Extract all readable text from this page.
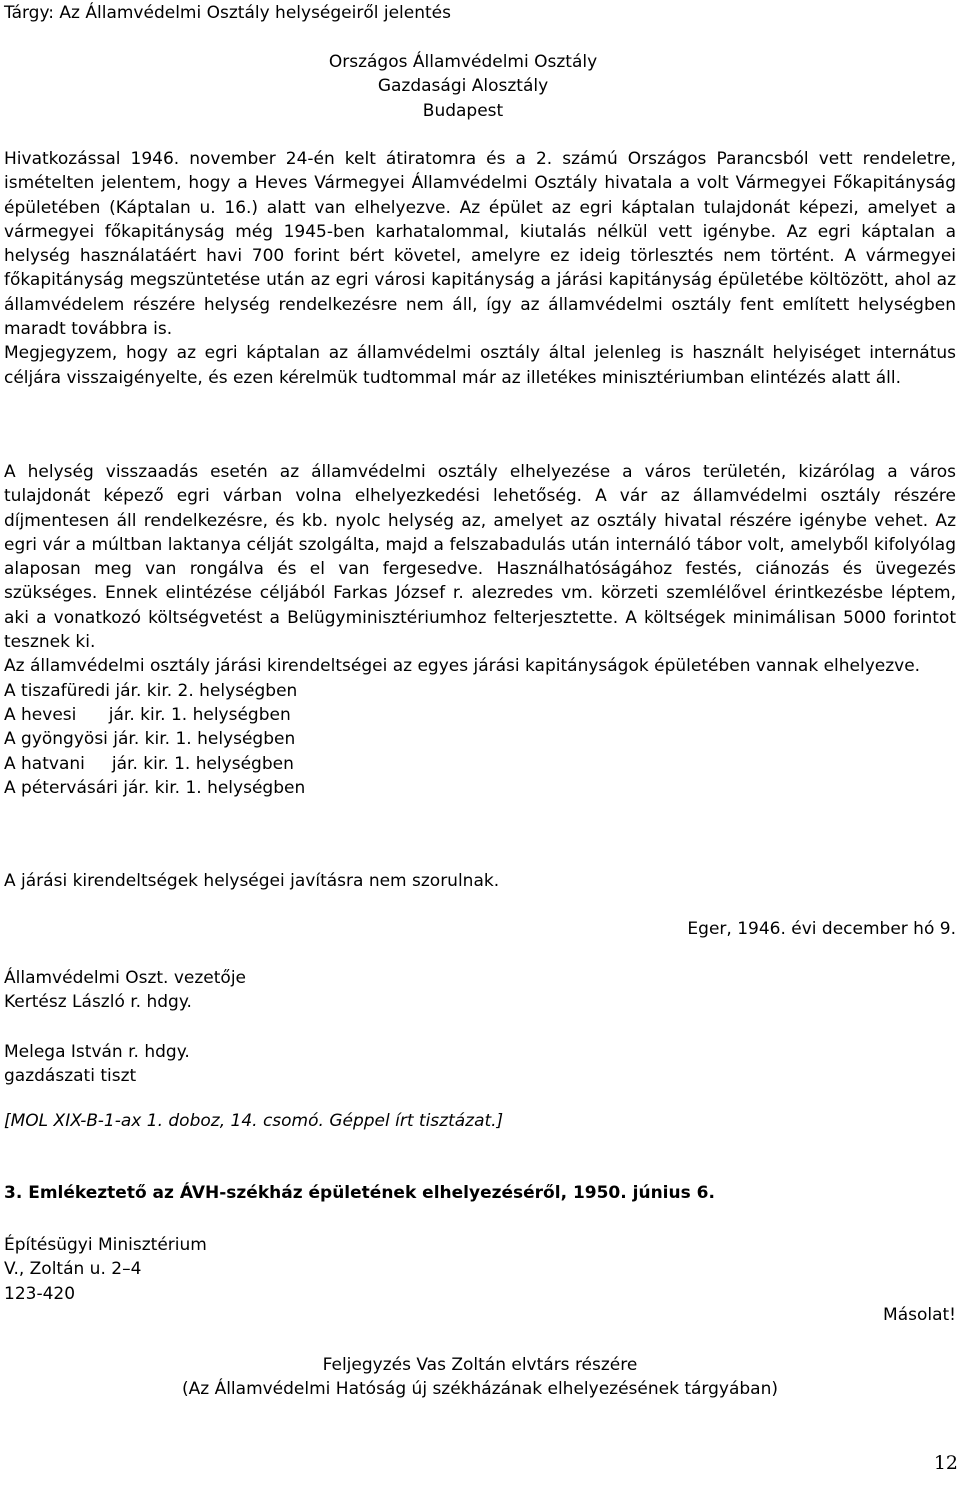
Tárgy: Az Államvédelmi Osztály helységeiről jelentés
Országos Államvédelmi Osztály
Gazdasági Alosztály
Budapest

Hivatkozással 1946. november 24-én kelt átiratomra és a 2. számú Országos Parancsból vett rendeletre, ismételten jelentem, hogy a Heves Vármegyei Államvédelmi Osztály hivatala a volt Vármegyei Főkapitányság épületében (Káptalan u. 16.) alatt van elhelyezve. Az épület az egri káptalan tulajdonát képezi, amelyet a vármegyei főkapitányság még 1945-ben karhatalommal, kiutalás nélkül vett igénybe. Az egri káptalan a helység használatáért havi 700 forint bért követel, amelyre ez ideig törlesztés nem történt. A vármegyei főkapitányság megszüntetése után az egri városi kapitányság a járási kapitányság épületébe költözött, ahol az államvédelem részére helység rendelkezésre nem áll, így az államvédelmi osztály fent említett helységben maradt továbbra is.

Megjegyzem, hogy az egri káptalan az államvédelmi osztály által jelenleg is használt helyiséget internátus céljára visszaigényelte, és ezen kérelmük tudtommal már az illetékes minisztériumban elintézés alatt áll.

A helység visszaadás esetén az államvédelmi osztály elhelyezése a város területén, kizárólag a város tulajdonát képező egri várban volna elhelyezkedési lehetőség. A vár az államvédelmi osztály részére díjmentesen áll rendelkezésre, és kb. nyolc helység az, amelyet az osztály hivatal részére igénybe vehet. Az egri vár a múltban laktanya célját szolgálta, majd a felszabadulás után internáló tábor volt, amelyből kifolyólag alaposan meg van rongálva és el van fergesedve. Használhatóságához festés, ciánozás és üvegezés szükséges. Ennek elintézése céljából Farkas József r. alezredes vm. körzeti szemlélővel érintkezésbe léptem, aki a vonatkozó költségvetést a Belügyminisztériumhoz felterjesztette. A költségek minimálisan 5000 forintot tesznek ki.

Az államvédelmi osztály járási kirendeltségei az egyes járási kapitányságok épületében vannak elhelyezve.

A tiszafüredi jár. kir. 2. helységben
A hevesi      jár. kir. 1. helységben
A gyöngyösi jár. kir. 1. helységben
A hatvani     jár. kir. 1. helységben
A pétervásári jár. kir. 1. helységben
A járási kirendeltségek helységei javításra nem szorulnak.
Eger, 1946. évi december hó 9.
Államvédelmi Oszt. vezetője
Kertész László r. hdgy.
Melega István r. hdgy.
gazdászati tiszt
[MOL XIX-B-1-ax 1. doboz, 14. csomó. Géppel írt tisztázat.]
3. Emlékeztető az ÁVH-székház épületének elhelyezéséről, 1950. június 6.
Építésügyi Minisztérium
V., Zoltán u. 2–4
123-420
Másolat!
Feljegyzés Vas Zoltán elvtárs részére
(Az Államvédelmi Hatóság új székházának elhelyezésének tárgyában)
12
